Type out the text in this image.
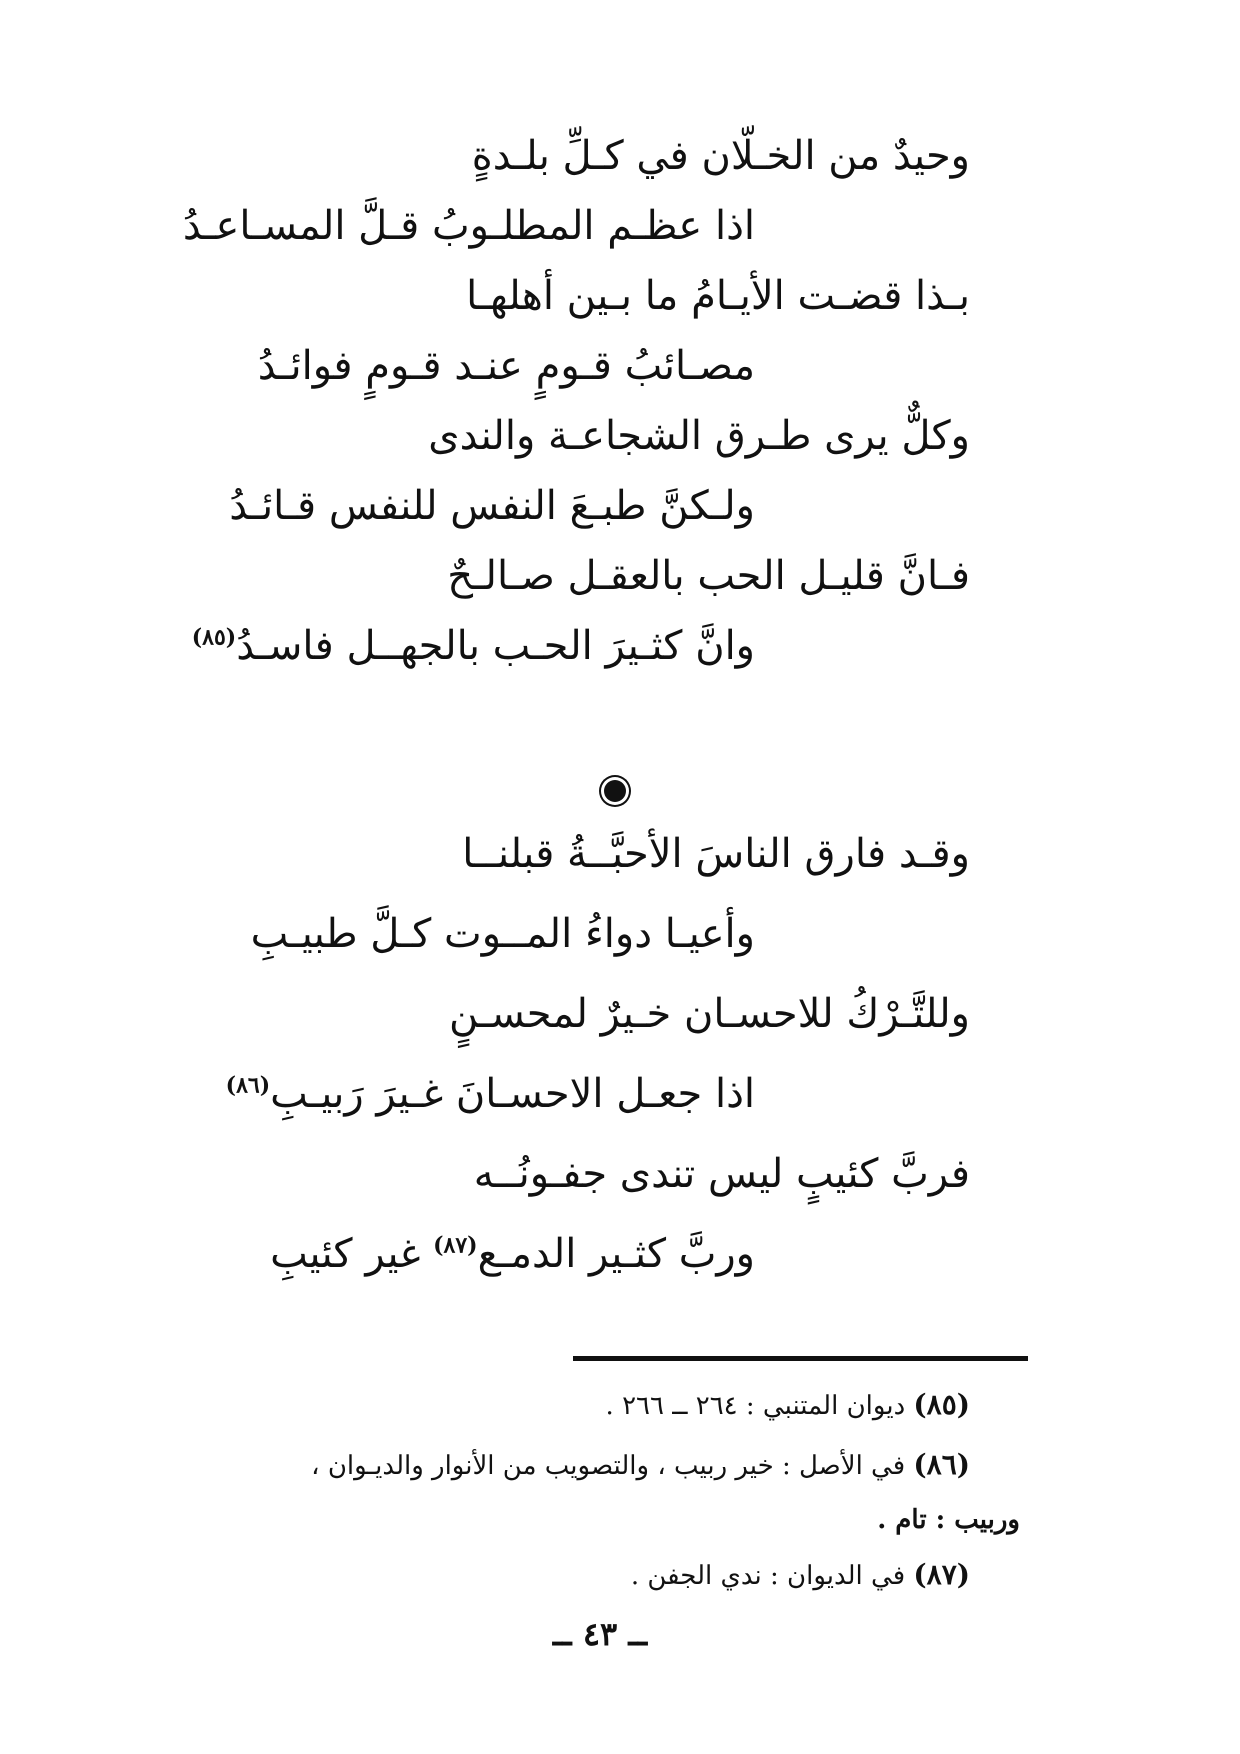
وحيدٌ من الخـلّان في كـلِّ بلـدةٍ
اذا عظـم المطلـوبُ قـلَّ المسـاعـدُ
بـذا قضـت الأيـامُ ما بـين أهلهـا
مصـائبُ قـومٍ عنـد قـومٍ فوائـدُ
وكلٌّ يرى طـرق الشجاعـة والندى
ولـكنَّ طبـعَ النفس للنفس قـائـدُ
فـانَّ قليـل الحب بالعقـل صـالـحٌ
وانَّ كثـيرَ الحـب بالجهــل فاسـدُ$^{(٨٥)}$
وقـد فارق الناسَ الأحبَّــةُ قبلنــا
وأعيـا دواءُ المــوت كـلَّ طبيـبِ
وللتَّـرْكُ للاحسـان خـيرٌ لمحسـنٍ
اذا جعـل الاحسـانَ غـيرَ رَبيـبِ$^{(٨٦)}$
فربَّ كئيبٍ ليس تندى جفـونُــه
وربَّ كثـير الدمـع$^{(٨٧)}$ غير كئيبِ
(٨٥) ديوان المتنبي : ٢٦٤ ــ ٢٦٦ .
(٨٦) في الأصل : خير ربيب ، والتصويب من الأنوار والديـوان ،
وربيب : تام .
(٨٧) في الديوان : ندي الجفن .
ــ ٤٣ ــ
